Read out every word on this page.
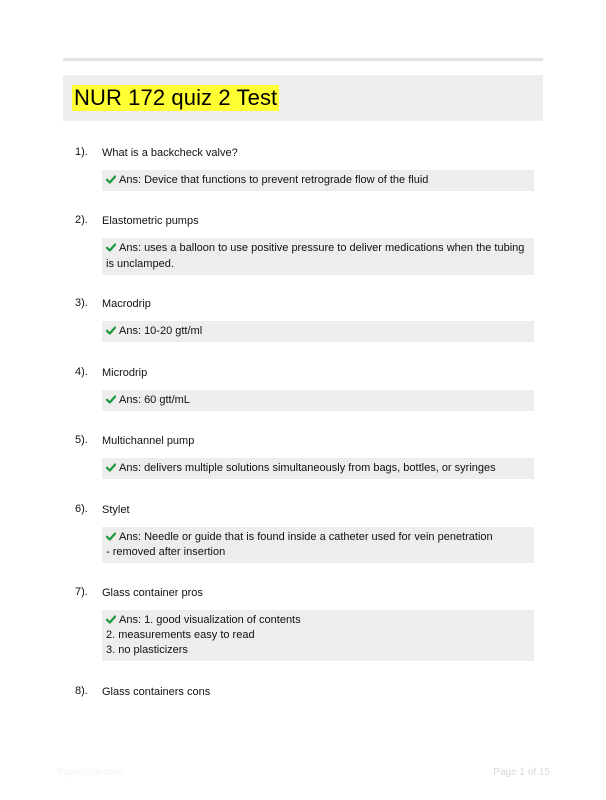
NUR 172 quiz 2 Test
1). What is a backcheck valve?
Ans: Device that functions to prevent retrograde flow of the fluid
2). Elastometric pumps
Ans: uses a balloon to use positive pressure to deliver medications when the tubing is unclamped.
3). Macrodrip
Ans: 10-20 gtt/ml
4). Microdrip
Ans: 60 gtt/mL
5). Multichannel pump
Ans: delivers multiple solutions simultaneously from bags, bottles, or syringes
6). Stylet
Ans: Needle or guide that is found inside a catheter used for vein penetration
- removed after insertion
7). Glass container pros
Ans: 1. good visualization of contents
2. measurements easy to read
3. no plasticizers
8). Glass containers cons
PaperStar.com	Page 1 of 15
